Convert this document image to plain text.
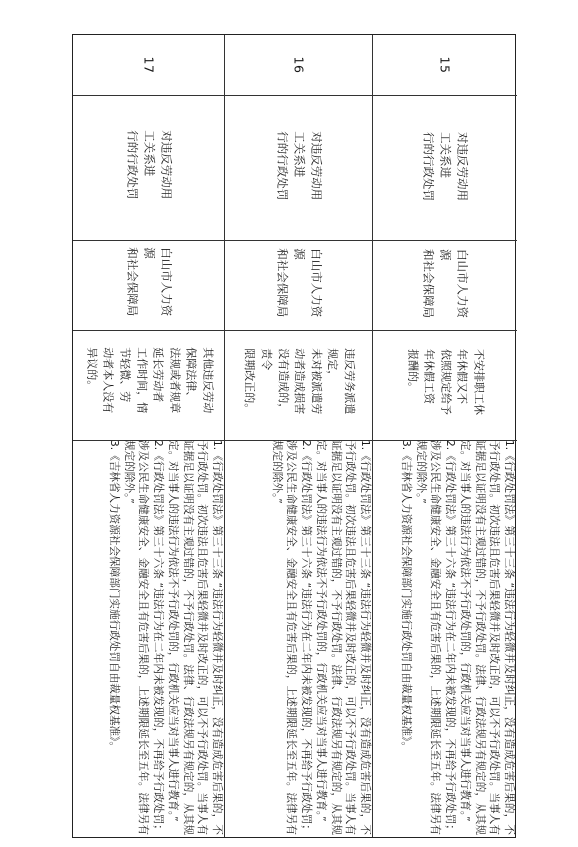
17
对违反劳动用工关系进
行的行政处罚
白山市人力资源
和社会保障局
其他违反劳动保障法律、
法规或者规章延长劳动者
工作时间，情节轻微、劳
动者本人没有异议的。

1.《行政处罚法》第三十三条 “违法行为轻微并及时纠正，没有造成危害后果的，不予行政处罚。初次违法且危害后果轻微并及时改正的，可以不予行政处罚。当事人有证据足以证明没有主观过错的，不予行政处罚。法律、行政法规另有规定的，从其规定。对当事人的违法行为依法不予行政处罚的，行政机关应当对当事人进行教育。”

2.《行政处罚法》第三十六条 “违法行为在二年内未被发现的，不再给予行政处罚；涉及公民生命健康安全、金融安全且有危害后果的，上述期限延长至五年。法律另有规定的除外。”

3.《吉林省人力资源社会保障部门实施行政处罚自由裁量权基准》。

16
对违反劳动用工关系进
行的行政处罚
白山市人力资源
和社会保障局
违反劳务派遣规定，
未对被派遣劳动者造成损害
没有造成的，责令
限期改正的。

1.《行政处罚法》第三十三条 “违法行为轻微并及时纠正，没有造成危害后果的，不予行政处罚。初次违法且危害后果轻微并及时改正的，可以不予行政处罚。当事人有证据足以证明没有主观过错的，不予行政处罚。法律、行政法规另有规定的，从其规定。对当事人的违法行为依法不予行政处罚的，行政机关应当对当事人进行教育。”

2.《行政处罚法》第三十六条 “违法行为在二年内未被发现的，不再给予行政处罚；涉及公民生命健康安全、金融安全且有危害后果的，上述期限延长至五年。法律另有规定的除外。”

15
对违反劳动用工关系进
行的行政处罚
白山市人力资源
和社会保障局
不安排职工休年休假又不
依照规定给予年休假工资
报酬的。

1.《行政处罚法》第三十三条 “违法行为轻微并及时纠正，没有造成危害后果的，不予行政处罚。初次违法且危害后果轻微并及时改正的，可以不予行政处罚。当事人有证据足以证明没有主观过错的，不予行政处罚。法律、行政法规另有规定的，从其规定。对当事人的违法行为依法不予行政处罚的，行政机关应当对当事人进行教育。”

2.《行政处罚法》第三十六条 “违法行为在二年内未被发现的，不再给予行政处罚；涉及公民生命健康安全、金融安全且有危害后果的，上述期限延长至五年。法律另有规定的除外。”

3.《吉林省人力资源社会保障部门实施行政处罚自由裁量权基准》。
